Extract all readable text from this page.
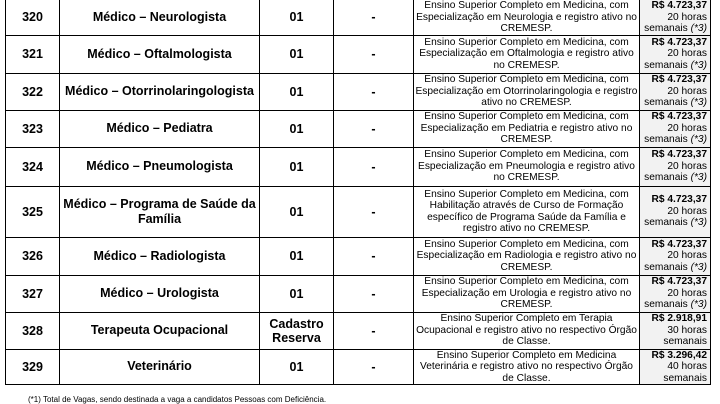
320	Médico – Neurologista	01	-	Ensino Superior Completo em Medicina, com Especialização em Neurologia e registro ativo no CREMESP.	R$ 4.723,37
20 horas
semanais (*3)

321	Médico – Oftalmologista	01	-	Ensino Superior Completo em Medicina, com Especialização em Oftalmologia e registro ativo no CREMESP.	R$ 4.723,37
20 horas
semanais (*3)

322	Médico – Otorrinolaringologista	01	-	Ensino Superior Completo em Medicina, com Especialização em Otorrinolaringologia e registro ativo no CREMESP.	R$ 4.723,37
20 horas
semanais (*3)

323	Médico – Pediatra	01	-	Ensino Superior Completo em Medicina, com Especialização em Pediatria e registro ativo no CREMESP.	R$ 4.723,37
20 horas
semanais (*3)

324	Médico – Pneumologista	01	-	Ensino Superior Completo em Medicina, com Especialização em Pneumologia e registro ativo no CREMESP.	R$ 4.723,37
20 horas
semanais (*3)

325	Médico – Programa de Saúde da Família	01	-	Ensino Superior Completo em Medicina, com Habilitação através de Curso de Formação específico de Programa Saúde da Família e registro ativo no CREMESP.	R$ 4.723,37
20 horas
semanais (*3)

326	Médico – Radiologista	01	-	Ensino Superior Completo em Medicina, com Especialização em Radiologia e registro ativo no CREMESP.	R$ 4.723,37
20 horas
semanais (*3)

327	Médico – Urologista	01	-	Ensino Superior Completo em Medicina, com Especialização em Urologia e registro ativo no CREMESP.	R$ 4.723,37
20 horas
semanais (*3)

328	Terapeuta Ocupacional	Cadastro Reserva	-	Ensino Superior Completo em Terapia Ocupacional e registro ativo no respectivo Órgão de Classe.	R$ 2.918,91
30 horas
semanais

329	Veterinário	01	-	Ensino Superior Completo em Medicina Veterinária e registro ativo no respectivo Órgão de Classe.	R$ 3.296,42
40 horas
semanais
(*1) Total de Vagas, sendo destinada a vaga a candidatos Pessoas com Deficiência.
